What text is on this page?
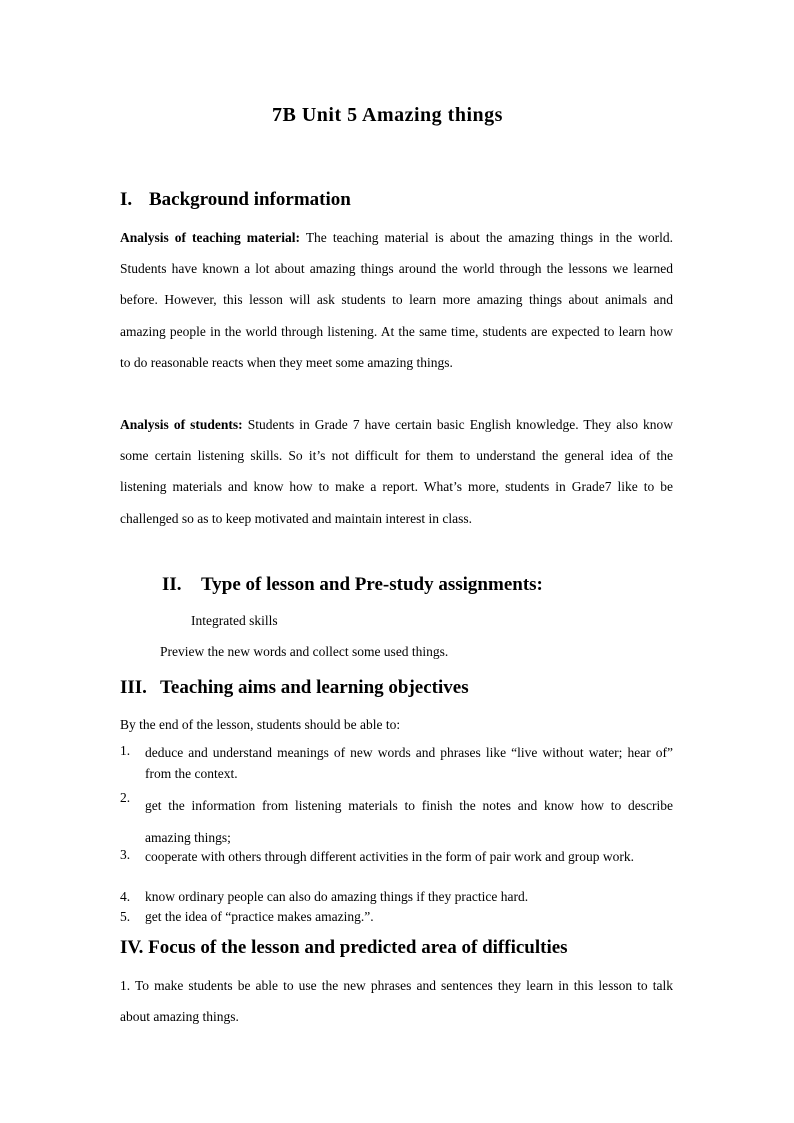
7B Unit 5 Amazing things
I. Background information
Analysis of teaching material: The teaching material is about the amazing things in the world. Students have known a lot about amazing things around the world through the lessons we learned before. However, this lesson will ask students to learn more amazing things about animals and amazing people in the world through listening. At the same time, students are expected to learn how to do reasonable reacts when they meet some amazing things.
Analysis of students: Students in Grade 7 have certain basic English knowledge. They also know some certain listening skills. So it’s not difficult for them to understand the general idea of the listening materials and know how to make a report. What’s more, students in Grade7 like to be challenged so as to keep motivated and maintain interest in class.
II. Type of lesson and Pre-study assignments:
Integrated skills
Preview the new words and collect some used things.
III. Teaching aims and learning objectives
By the end of the lesson, students should be able to:
1. deduce and understand meanings of new words and phrases like “live without water; hear of” from the context.
2.
get the information from listening materials to finish the notes and know how to describe amazing things;
3. cooperate with others through different activities in the form of pair work and group work.
4. know ordinary people can also do amazing things if they practice hard.
5. get the idea of “practice makes amazing.”.
IV. Focus of the lesson and predicted area of difficulties
1. To make students be able to use the new phrases and sentences they learn in this lesson to talk about amazing things.
